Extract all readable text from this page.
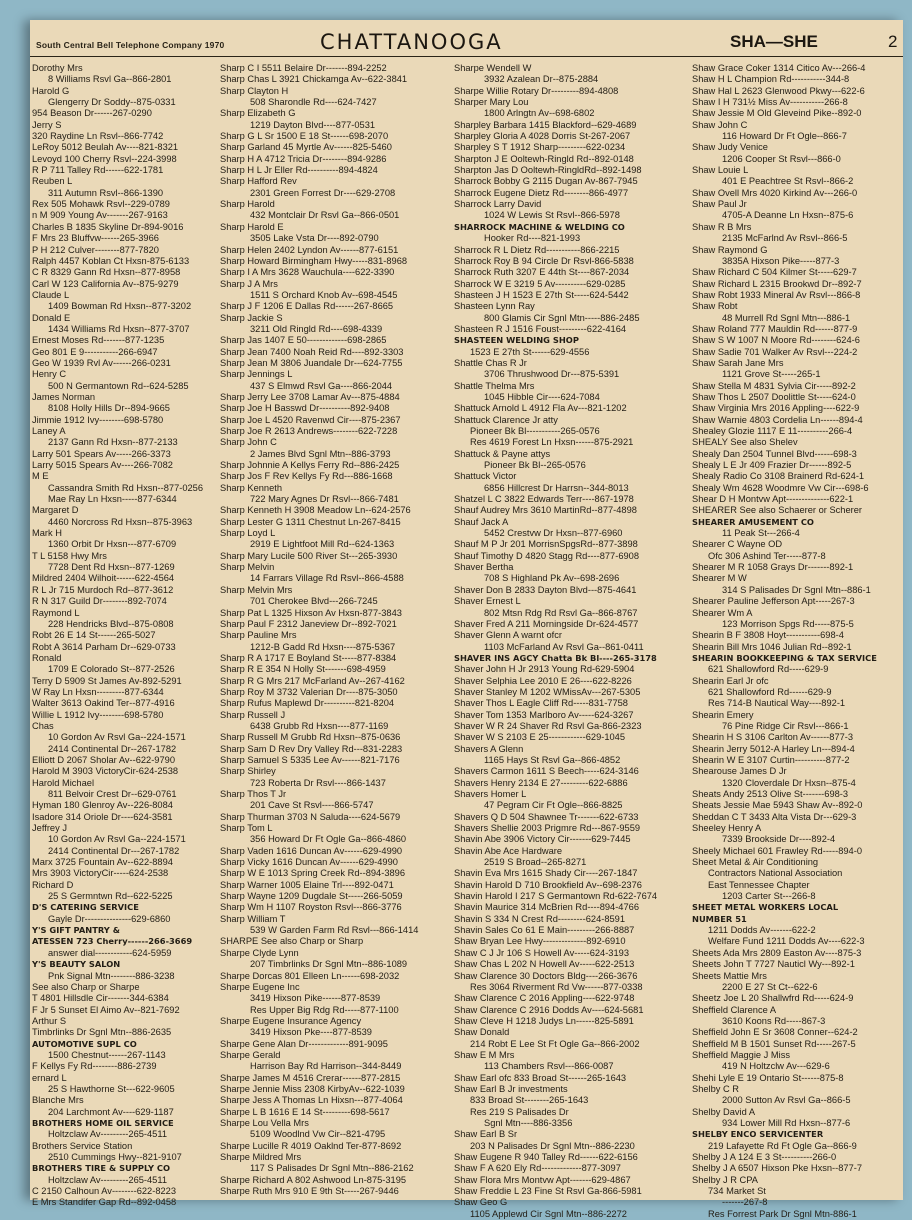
South Central Bell Telephone Company 1970	CHATTANOOGA	SHA—SHE	2
Dorothy Mrs
8 Williams Rsvl Ga--866-2801
Harold G
Glengerry Dr Soddy--875-0331
954 Beason Dr------267-0290
Jerry S
320 Raydine Ln Rsvl--866-7742
LeRoy 5012 Beulah Av----821-8321
Levoyd 100 Cherry Rsvl--224-3998
R P 711 Talley Rd------622-1781
Reuben L
311 Autumn Rsvl--866-1390
Rex 505 Mohawk Rsvl--229-0789
n M 909 Young Av-------267-9163
Charles B 1835 Skyline Dr-894-9016
F Mrs 23 Bluffvw------265-3966
P H 212 Culver--------877-7820
Ralph 4457 Koblan Ct Hxsn-875-6133
C R 8329 Gann Rd Hxsn--877-8958
Carl W 123 California Av--875-9279
Claude L
1409 Bowman Rd Hxsn--877-3202
Donald E
1434 Williams Rd Hxsn--877-3707
Ernest Moses Rd-------877-1235
Geo 801 E 9-----------266-6947
Geo W 1939 Rvl Av------266-0231
Henry C
500 N Germantown Rd--624-5285
James Norman
8108 Holly Hills Dr--894-9665
Jimmie 1912 Ivy--------698-5780
Laney A
2137 Gann Rd Hxsn--877-2133
Larry 501 Spears Av-----266-3373
Larry 5015 Spears Av----266-7082
M E
Cassandra Smith Rd Hxsn--877-0256
Mae Ray Ln Hxsn-----877-6344
Margaret D
4460 Norcross Rd Hxsn--875-3963
Mark H
1360 Orbit Dr Hxsn---877-6709
T L 5158 Hwy Mrs
7728 Dent Rd Hxsn--877-1269
Mildred 2404 Wilhoit------622-4564
R L Jr 715 Murdoch Rd--877-3612
R N 317 Guild Dr--------892-7074
Raymond L
228 Hendricks Blvd--875-0808
Robt 26 E 14 St------265-5027
Robt A 3614 Parham Dr--629-0733
Ronald
1709 E Colorado St--877-2526
Terry D 5909 St James Av-892-5291
W Ray Ln Hxsn---------877-6344
Walter 3613 Oakind Ter--877-4916
Willie L 1912 Ivy--------698-5780
Chas
10 Gordon Av Rsvl Ga--224-1571
2414 Continental Dr--267-1782
Elliott D 2067 Sholar Av--622-9790
Harold M 3903 VictoryCir-624-2538
Harold Michael
811 Belvoir Crest Dr--629-0761
Hyman 180 Glenroy Av--226-8084
Isadore 314 Oriole Dr----624-3581
Jeffrey J
10 Gordon Av Rsvl Ga--224-1571
2414 Continental Dr---267-1782
Marx 3725 Fountain Av--622-8894
Mrs 3903 VictoryCir-----624-2538
Richard D
25 S Germntwn Rd--622-5225
D'S CATERING SERVICE
Gayle Dr---------------629-6860
Y'S GIFT PANTRY &
ATESSEN 723 Cherry------266-3669
answer dial------------624-5959
Y'S BEAUTY SALON
Pnk Signal Mtn--------886-3238
See also Charp or Sharpe
T 4801 Hillsdle Cir-------344-6384
F Jr 5 Sunset El Aimo Av--821-7692
Arthur S
Timbrlinks Dr Sgnl Mtn--886-2635
AUTOMOTIVE SUPL CO
1500 Chestnut------267-1143
F Kellys Fy Rd--------886-2739
ernard L
25 S Hawthorne St---622-9605
Blanche Mrs
204 Larchmont Av----629-1187
BROTHERS HOME OIL SERVICE
Holtzclaw Av---------265-4511
Brothers Service Station
2510 Cummings Hwy--821-9107
BROTHERS TIRE & SUPPLY CO
Holtzclaw Av---------265-4511
C 2150 Calhoun Av--------622-8223
E Mrs Standifer Gap Rd--892-0458
Sharp C I 5511 Belaire Dr-------894-2252
Sharp Chas L 3921 Chickamga Av--622-3841
Sharp Clayton H
508 Sharondle Rd----624-7427
Sharp Elizabeth G
1219 Dayton Blvd----877-0531
Sharp G L Sr 1500 E 18 St------698-2070
Sharp Garland 45 Myrtle Av------825-5460
Sharp H A 4712 Tricia Dr--------894-9286
Sharp H L Jr Eller Rd----------894-4824
Sharp Hafford Rev
2301 Green Forrest Dr----629-2708
Sharp Harold
432 Montclair Dr Rsvl Ga--866-0501
Sharp Harold E
3505 Lake Vsta Dr----892-0790
Sharp Helen 2402 Lyndon Av------877-6151
Sharp Howard Birmingham Hwy-----831-8968
Sharp I A Mrs 3628 Wauchula----622-3390
Sharp J A Mrs
1511 S Orchard Knob Av--698-4545
Sharp J F 1206 E Dallas Rd------267-8665
Sharp Jackie S
3211 Old Ringld Rd----698-4339
Sharp Jas 1407 E 50-------------698-2865
Sharp Jean 7400 Noah Reid Rd----892-3303
Sharp Jean M 3806 Juandale Dr---624-7755
Sharp Jennings L
437 S Elmwd Rsvl Ga----866-2044
Sharp Jerry Lee 3708 Lamar Av---875-4884
Sharp Joe H Basswd Dr----------892-9408
Sharp Joe L 4520 Ravenwd Cir----875-2367
Sharp Joe R 2613 Andrews--------622-7228
Sharp John C
2 James Blvd Sgnl Mtn--886-3793
Sharp Johnnie A Kellys Ferry Rd--886-2425
Sharp Jos F Rev Kellys Fy Rd---886-1668
Sharp Kenneth
722 Mary Agnes Dr Rsvl---866-7481
Sharp Kenneth H 3908 Meadow Ln--624-2576
Sharp Lester G 1311 Chestnut Ln-267-8415
Sharp Loyd L
2919 E Lightfoot Mill Rd--624-1363
Sharp Mary Lucile 500 River St---265-3930
Sharp Melvin
14 Farrars Village Rd Rsvl--866-4588
Sharp Melvin Mrs
701 Cherokee Blvd---266-7245
Sharp Pat L 1325 Hixson Av Hxsn-877-3843
Sharp Paul F 2312 Janeview Dr--892-7021
Sharp Pauline Mrs
1212-B Gadd Rd Hxsn----875-5367
Sharp R A 1717 E Boyland St-----877-8384
Sharp R E 354 N Holly St-------698-4959
Sharp R G Mrs 217 McFarland Av--267-4162
Sharp Roy M 3732 Valerian Dr----875-3050
Sharp Rufus Maplewd Dr----------821-8204
Sharp Russell J
6438 Grubb Rd Hxsn----877-1169
Sharp Russell M Grubb Rd Hxsn--875-0636
Sharp Sam D Rev Dry Valley Rd---831-2283
Sharp Samuel S 5335 Lee Av------821-7176
Sharp Shirley
723 Roberta Dr Rsvl----866-1437
Sharp Thos T Jr
201 Cave St Rsvl----866-5747
Sharp Thurman 3703 N Saluda----624-5679
Sharp Tom L
356 Howard Dr Ft Ogle Ga--866-4860
Sharp Vaden 1616 Duncan Av------629-4990
Sharp Vicky 1616 Duncan Av------629-4990
Sharp W E 1013 Spring Creek Rd--894-3896
Sharp Warner 1005 Elaine Trl----892-0471
Sharp Wayne 1209 Dugdale St-----266-5059
Sharp Wm H 1107 Royston Rsvl---866-3776
Sharp William T
539 W Garden Farm Rd Rsvl---866-1414
SHARPE See also Charp or Sharp
Sharpe Clyde Lynn
207 Timbrlinks Dr Sgnl Mtn--886-1089
Sharpe Dorcas 801 Elleen Ln------698-2032
Sharpe Eugene Inc
3419 Hixson Pike------877-8539
Res Upper Big Rdg Rd-----877-1100
Sharpe Eugene Insurance Agency
3419 Hixson Pke----877-8539
Sharpe Gene Alan Dr-------------891-9095
Sharpe Gerald
Harrison Bay Rd Harrison--344-8449
Sharpe James M 4516 Crerar------877-2815
Sharpe Jennie Miss 2308 KirbyAv--622-1039
Sharpe Jess A Thomas Ln Hixsn---877-4064
Sharpe L B 1616 E 14 St---------698-5617
Sharpe Lou Vella Mrs
5109 Woodlnd Vw Cir--821-4795
Sharpe Lucille R 4019 Oaklnd Ter-877-8692
Sharpe Mildred Mrs
117 S Palisades Dr Sgnl Mtn--886-2162
Sharpe Richard A 802 Ashwood Ln-875-3195
Sharpe Ruth Mrs 910 E 9th St-----267-9446
Sharpe Wendell W
3932 Azalean Dr--875-2884
Sharpe Willie Rotary Dr---------894-4808
Sharper Mary Lou
1800 Arlngtn Av--698-6802
Sharpley Barbara 1415 Blackford--629-4689
Sharpley Gloria A 4028 Dorris St-267-2067
Sharpley S T 1912 Sharp---------622-0234
Sharpton J E Ooltewh-Ringld Rd--892-0148
Sharpton Jas D Ooltewh-RingldRd--892-1498
Sharrock Bobby G 2115 Dugan Av-867-7945
Sharrock Eugene Dietz Rd--------866-4977
Sharrock Larry David
1024 W Lewis St Rsvl--866-5978
SHARROCK MACHINE & WELDING CO
Hooker Rd----821-1993
Sharrock R L Dietz Rd-----------866-2215
Sharrock Roy B 94 Circle Dr Rsvl-866-5838
Sharrock Ruth 3207 E 44th St----867-2034
Sharrock W E 3219 5 Av----------629-0285
Shasteen J H 1523 E 27th St-----624-5442
Shasteen Lynn Ray
800 Glamis Cir Sgnl Mtn-----886-2485
Shasteen R J 1516 Foust---------622-4164
SHASTEEN WELDING SHOP
1523 E 27th St------629-4556
Shattle Chas R Jr
3706 Thrushwood Dr---875-5391
Shattle Thelma Mrs
1045 Hibble Cir----624-7084
Shattuck Arnold L 4912 Fla Av---821-1202
Shattuck Clarence Jr atty
Pioneer Bk Bl-----------265-0576
Res 4619 Forest Ln Hxsn------875-2921
Shattuck & Payne attys
Pioneer Bk Bl--265-0576
Shattuck Victor
6856 Hillcrest Dr Harrsn--344-8013
Shatzel L C 3822 Edwards Terr----867-1978
Shauf Audrey Mrs 3610 MartinRd--877-4898
Shauf Jack A
5452 Crestvw Dr Hxsn--877-6960
Shauf M P Jr 201 MorrisnSpgsRd--877-3898
Shauf Timothy D 4820 Stagg Rd----877-6908
Shaver Bertha
708 S Highland Pk Av--698-2696
Shaver Don B 2833 Dayton Blvd---875-4641
Shaver Ernest L
802 Mtsn Rdg Rd Rsvl Ga--866-8767
Shaver Fred A 211 Morningside Dr-624-4577
Shaver Glenn A warnt ofcr
1103 McFarland Av Rsvl Ga--861-0411
SHAVER INS AGCY Chatta Bk Bl----265-3178
Shaver John H Jr 2913 Young Rd-629-5904
Shaver Selphia Lee 2010 E 26----622-8226
Shaver Stanley M 1202 WMissAv---267-5305
Shaver Thos L Eagle Cliff Rd-----831-7758
Shaver Tom 1353 Marlboro Av-----624-3267
Shaver W R 24 Shaver Rd Rsvl Ga-866-2323
Shaver W S 2103 E 25------------629-1045
Shavers A Glenn
1165 Hays St Rsvl Ga--866-4852
Shavers Carmon 1611 S Beech-----624-3146
Shavers Henry 2134 E 27---------622-6886
Shavers Homer L
47 Pegram Cir Ft Ogle--866-8825
Shavers Q D 504 Shawnee Tr-------622-6733
Shavers Shellie 2003 Prigmre Rd---867-9559
Shavin Abe 3906 Victory Cir-------629-7445
Shavin Abe Ace Hardware
2519 S Broad--265-8271
Shavin Eva Mrs 1615 Shady Cir----267-1847
Shavin Harold D 710 Brookfield Av--698-2376
Shavin Harold I 217 S Germantown Rd-622-7674
Shavin Maurice 314 McBrien Rd----894-4766
Shavin S 334 N Crest Rd---------624-8591
Shavin Sales Co 61 E Main---------266-8887
Shaw Bryan Lee Hwy--------------892-6910
Shaw C J Jr 106 S Howell Av-----624-3193
Shaw Chas L 202 N Howell Av-----622-2513
Shaw Clarence 30 Doctors Bldg----266-3676
Res 3064 Riverment Rd Vw------877-0338
Shaw Clarence C 2016 Appling----622-9748
Shaw Clarence C 2916 Dodds Av----624-5681
Shaw Cleve H 1218 Judys Ln------825-5891
Shaw Donald
214 Robt E Lee St Ft Ogle Ga--866-2002
Shaw E M Mrs
113 Chambers Rsvl---866-0087
Shaw Earl ofc 833 Broad St------265-1643
Shaw Earl B Jr investments
833 Broad St--------265-1643
Res 219 S Palisades Dr
Sgnl Mtn----886-3356
Shaw Earl B Sr
203 N Palisades Dr Sgnl Mtn--886-2230
Shaw Eugene R 940 Talley Rd------622-6156
Shaw F A 620 Ely Rd-------------877-3097
Shaw Flora Mrs Montvw Apt-------629-4867
Shaw Freddie L 23 Fine St Rsvl Ga-866-5981
Shaw Geo G
1105 Applewd Cir Sgnl Mtn--886-2272
Shaw Grace Coker 1314 Citico Av---266-4
Shaw H L Champion Rd-----------344-8
Shaw Hal L 2623 Glenwood Pkwy---622-6
Shaw I H 731½ Miss Av-----------266-8
Shaw Jessie M Old Gleveind Pike--892-0
Shaw John C
116 Howard Dr Ft Ogle--866-7
Shaw Judy Venice
1206 Cooper St Rsvl---866-0
Shaw Louie L
401 E Peachtree St Rsvl--866-2
Shaw Ovell Mrs 4020 Kirkind Av---266-0
Shaw Paul Jr
4705-A Deanne Ln Hxsn--875-6
Shaw R B Mrs
2135 McFarlnd Av Rsvl--866-5
Shaw Raymond G
3835A Hixson Pike-----877-3
Shaw Richard C 504 Kilmer St-----629-7
Shaw Richard L 2315 Brookwd Dr--892-7
Shaw Robt 1933 Mineral Av Rsvl---866-8
Shaw Robt
48 Murrell Rd Sgnl Mtn---886-1
Shaw Roland 777 Mauldin Rd------877-9
Shaw S W 1007 N Moore Rd--------624-6
Shaw Sadie 701 Walker Av Rsvl---224-2
Shaw Sarah Jane Mrs
1121 Grove St-----265-1
Shaw Stella M 4831 Sylvia Cir-----892-2
Shaw Thos L 2507 Doolittle St-----624-0
Shaw Virginia Mrs 2016 Appling----622-9
Shaw Warnie 4803 Cordelia Ln------894-4
Shealey Glozie 1117 E 11----------266-4
SHEALY See also Shelev
Shealy Dan 2504 Tunnel Blvd------698-3
Shealy L E Jr 409 Frazier Dr------892-5
Shealy Radio Co 3108 Brainerd Rd-624-1
Shealy Wm 4628 Woodmre Vw Cir---698-6
Shear D H Montvw Apt--------------622-1
SHEARER See also Schaerer or Scherer
SHEARER AMUSEMENT CO
11 Peak St---266-4
Shearer C Wayne OD
Ofc 306 Ashind Ter-----877-8
Shearer M R 1058 Grays Dr-------892-1
Shearer M W
314 S Palisades Dr Sgnl Mtn--886-1
Shearer Pauline Jefferson Apt-----267-3
Shearer Wm A
123 Morrison Spgs Rd-----875-5
Shearin B F 3808 Hoyt-----------698-4
Shearin Bill Mrs 1046 Julian Rd--892-1
SHEARIN BOOKKEEPING & TAX SERVICE
621 Shallowford Rd-----629-9
Shearin Earl Jr ofc
621 Shallowford Rd------629-9
Res 714-B Nautical Way----892-1
Shearin Emery
76 Pine Ridge Cir Rsvl---866-1
Shearin H S 3106 Carlton Av------877-3
Shearin Jerry 5012-A Harley Ln---894-4
Shearin W E 3107 Curtin----------877-2
Shearouse James D Jr
1320 Cloverdale Dr Hxsn--875-4
Sheats Andy 2513 Olive St-------698-3
Sheats Jessie Mae 5943 Shaw Av--892-0
Sheddan C T 3433 Alta Vista Dr---629-3
Sheeley Henry A
7339 Brookside Dr----892-4
Sheely Michael 601 Frawley Rd-----894-0
Sheet Metal & Air Conditioning
Contractors National Association
East Tennessee Chapter
1203 Carter St---266-8
SHEET METAL WORKERS LOCAL
NUMBER 51
1211 Dodds Av-------622-2
Welfare Fund 1211 Dodds Av----622-3
Sheets Ada Mrs 2809 Easton Av----875-3
Sheets John T 7727 Nauticl Wy---892-1
Sheets Mattie Mrs
2200 E 27 St Ct--622-6
Sheetz Joe L 20 Shallwfrd Rd-----624-9
Sheffield Clarence A
3610 Koons Rd-----867-3
Sheffield John E Sr 3608 Conner--624-2
Sheffield M B 1501 Sunset Rd-----267-5
Sheffield Maggie J Miss
419 N Holtzclw Av---629-6
Shehi Lyle E 19 Ontario St------875-8
Shelby C R
2000 Sutton Av Rsvl Ga--866-5
Shelby David A
934 Lower Mill Rd Hxsn--877-6
SHELBY ENCO SERVICENTER
219 Lafayette Rd Ft Ogle Ga--866-9
Shelby J A 124 E 3 St----------266-0
Shelby J A 6507 Hixson Pke Hxsn--877-7
Shelby J R CPA
734 Market St
-------267-8
Res Forrest Park Dr Sgnl Mtn-886-1
